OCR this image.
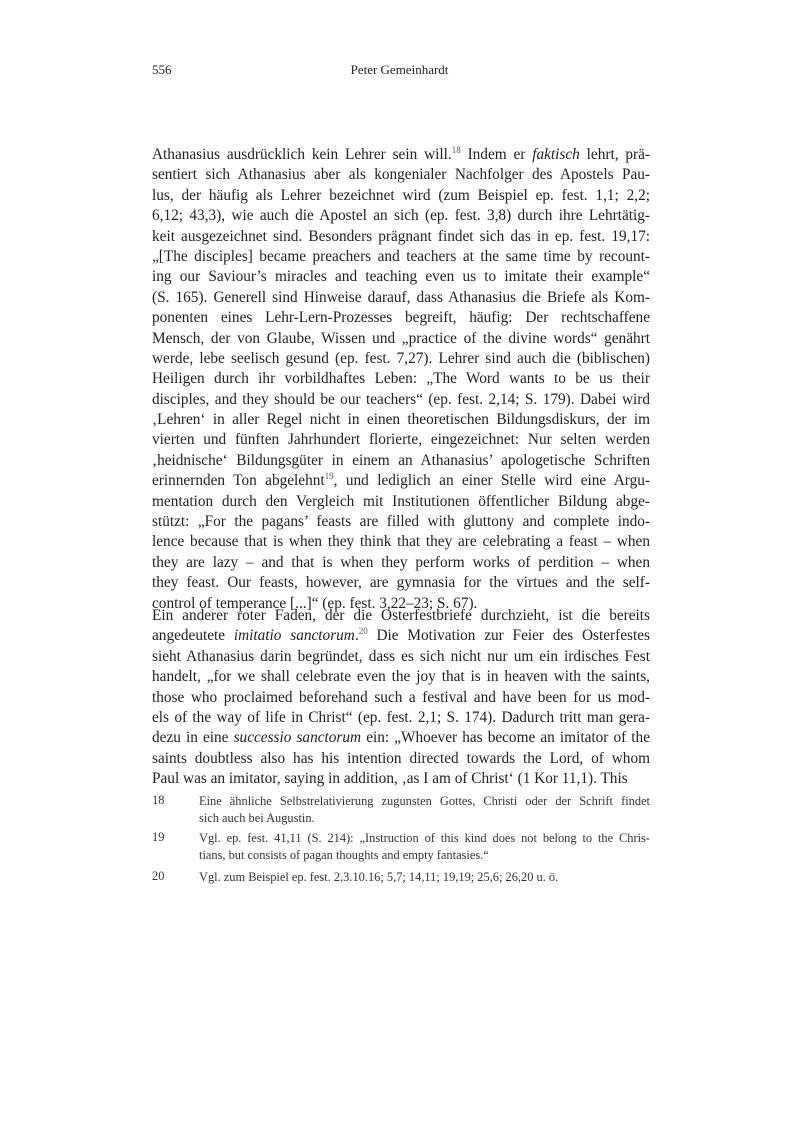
556	Peter Gemeinhardt
Athanasius ausdrücklich kein Lehrer sein will.$^{18}$ Indem er faktisch lehrt, prä-
sentiert sich Athanasius aber als kongenialer Nachfolger des Apostels Pau-
lus, der häufig als Lehrer bezeichnet wird (zum Beispiel ep. fest. 1,1; 2,2;
6,12; 43,3), wie auch die Apostel an sich (ep. fest. 3,8) durch ihre Lehrtätig-
keit ausgezeichnet sind. Besonders prägnant findet sich das in ep. fest. 19,17:
„[The disciples] became preachers and teachers at the same time by recount-
ing our Saviour’s miracles and teaching even us to imitate their example“
(S. 165). Generell sind Hinweise darauf, dass Athanasius die Briefe als Kom-
ponenten eines Lehr-Lern-Prozesses begreift, häufig: Der rechtschaffene
Mensch, der von Glaube, Wissen und „practice of the divine words“ genährt
werde, lebe seelisch gesund (ep. fest. 7,27). Lehrer sind auch die (biblischen)
Heiligen durch ihr vorbildhaftes Leben: „The Word wants to be us their
disciples, and they should be our teachers“ (ep. fest. 2,14; S. 179). Dabei wird
‚Lehren‘ in aller Regel nicht in einen theoretischen Bildungsdiskurs, der im
vierten und fünften Jahrhundert florierte, eingezeichnet: Nur selten werden
‚heidnische‘ Bildungsgüter in einem an Athanasius’ apologetische Schriften
erinnernden Ton abgelehnt$^{19}$, und lediglich an einer Stelle wird eine Argu-
mentation durch den Vergleich mit Institutionen öffentlicher Bildung abge-
stützt: „For the pagans’ feasts are filled with gluttony and complete indo-
lence because that is when they think that they are celebrating a feast – when
they are lazy – and that is when they perform works of perdition – when
they feast. Our feasts, however, are gymnasia for the virtues and the self-
control of temperance [...]“ (ep. fest. 3,22–23; S. 67).
Ein anderer roter Faden, der die Osterfestbriefe durchzieht, ist die bereits
angedeutete imitatio sanctorum.$^{20}$ Die Motivation zur Feier des Osterfestes
sieht Athanasius darin begründet, dass es sich nicht nur um ein irdisches Fest
handelt, „for we shall celebrate even the joy that is in heaven with the saints,
those who proclaimed beforehand such a festival and have been for us mod-
els of the way of life in Christ“ (ep. fest. 2,1; S. 174). Dadurch tritt man gera-
dezu in eine successio sanctorum ein: „Whoever has become an imitator of the
saints doubtless also has his intention directed towards the Lord, of whom
Paul was an imitator, saying in addition, ‚as I am of Christ‘ (1 Kor 11,1). This
18	Eine ähnliche Selbstrelativierung zugunsten Gottes, Christi oder der Schrift findet
sich auch bei Augustin.
19	Vgl. ep. fest. 41,11 (S. 214): „Instruction of this kind does not belong to the Chris-
tians, but consists of pagan thoughts and empty fantasies.“
20	Vgl. zum Beispiel ep. fest. 2,3.10.16; 5,7; 14,11; 19,19; 25,6; 26,20 u. ö.
